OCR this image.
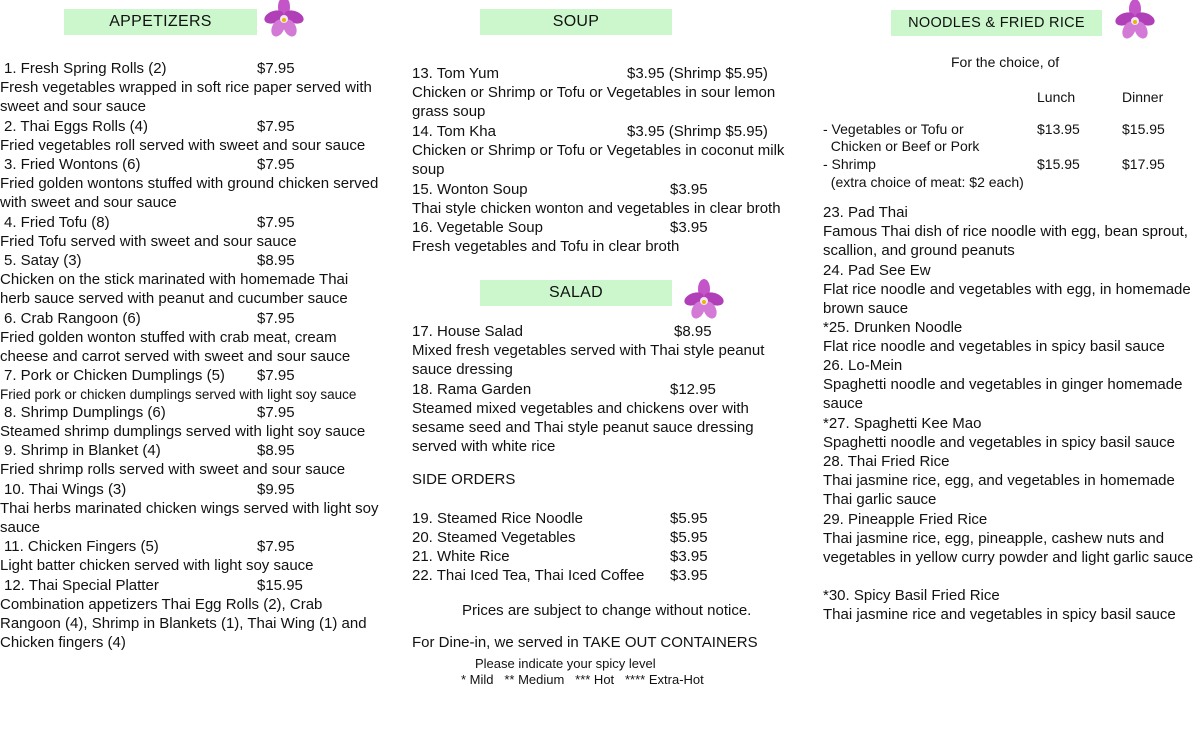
APPETIZERS
1. Fresh Spring Rolls (2)	$7.95
Fresh vegetables wrapped in soft rice paper served with sweet and sour sauce
2. Thai Eggs Rolls (4)	$7.95
Fried vegetables roll served with sweet and sour sauce
3. Fried Wontons (6)	$7.95
Fried golden wontons stuffed with ground chicken served with sweet and sour sauce
4. Fried Tofu (8)	$7.95
Fried Tofu served with sweet and sour sauce
5. Satay (3)	$8.95
Chicken on the stick marinated with homemade Thai herb sauce served with peanut and cucumber sauce
6. Crab Rangoon (6)	$7.95
Fried golden wonton stuffed with crab meat, cream cheese and carrot served with sweet and sour sauce
7. Pork or Chicken Dumplings (5) $7.95
Fried pork or chicken dumplings served with light soy sauce
8. Shrimp Dumplings (6)	$7.95
Steamed shrimp dumplings served with light soy sauce
9. Shrimp in Blanket (4)	$8.95
Fried shrimp rolls served with sweet and sour sauce
10. Thai Wings (3)	$9.95
Thai herbs marinated chicken wings served with light soy sauce
11. Chicken Fingers (5)	$7.95
Light batter chicken served with light soy sauce
12. Thai Special Platter	$15.95
Combination appetizers Thai Egg Rolls (2), Crab Rangoon (4), Shrimp in Blankets (1), Thai Wing (1) and Chicken fingers (4)
SOUP
13. Tom Yum	$3.95 (Shrimp $5.95)
Chicken or Shrimp or Tofu or Vegetables in sour lemon grass soup
14. Tom Kha	$3.95 (Shrimp $5.95)
Chicken or Shrimp or Tofu or Vegetables in coconut milk soup
15. Wonton Soup	$3.95
Thai style chicken wonton and vegetables in clear broth
16. Vegetable Soup	$3.95
Fresh vegetables and Tofu in clear broth
SALAD
17. House Salad	$8.95
Mixed fresh vegetables served with Thai style peanut sauce dressing
18. Rama Garden	$12.95
Steamed mixed vegetables and chickens over with sesame seed and Thai style peanut sauce dressing served with white rice
SIDE ORDERS
19. Steamed Rice Noodle	$5.95
20. Steamed Vegetables	$5.95
21. White Rice	$3.95
22. Thai Iced Tea, Thai Iced Coffee $3.95
Prices are subject to change without notice.
For Dine-in, we served in TAKE OUT CONTAINERS
Please indicate your spicy level
* Mild   ** Medium   *** Hot   **** Extra-Hot
NOODLES & FRIED RICE
For the choice, of
Lunch	Dinner
- Vegetables or Tofu or
Chicken or Beef or Pork
$13.95	$15.95
- Shrimp
(extra choice of meat: $2 each)
$15.95	$17.95
23. Pad Thai
Famous Thai dish of rice noodle with egg, bean sprout, scallion, and ground peanuts
24. Pad See Ew
Flat rice noodle and vegetables with egg, in homemade brown sauce
*25. Drunken Noodle
Flat rice noodle and vegetables in spicy basil sauce
26. Lo-Mein
Spaghetti noodle and vegetables in ginger homemade sauce
*27. Spaghetti Kee Mao
Spaghetti noodle and vegetables in spicy basil sauce
28. Thai Fried Rice
Thai jasmine rice, egg, and vegetables in homemade Thai garlic sauce
29. Pineapple Fried Rice
Thai jasmine rice, egg, pineapple, cashew nuts and vegetables in yellow curry powder and light garlic sauce
*30. Spicy Basil Fried Rice
Thai jasmine rice and vegetables in spicy basil sauce
